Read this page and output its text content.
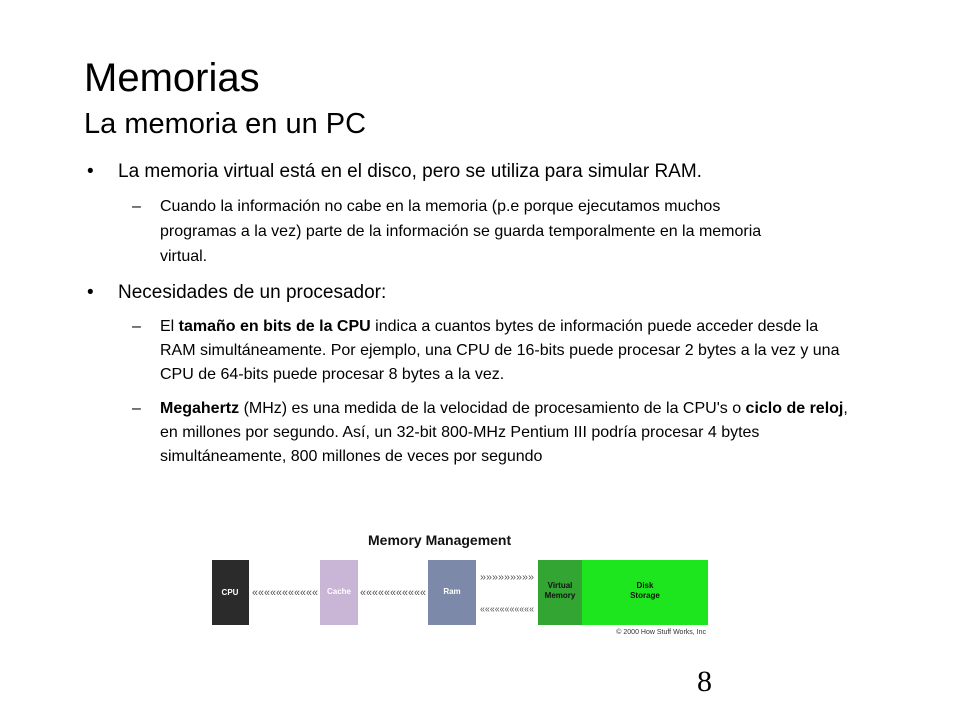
Memorias
La memoria en un PC
• La memoria virtual está en el disco, pero se utiliza para simular RAM.
– Cuando la información no cabe en la memoria (p.e porque ejecutamos muchos programas a la vez) parte de la información se guarda temporalmente en la memoria virtual.
• Necesidades de un procesador:
– El tamaño en bits de la CPU indica a cuantos bytes de información puede acceder desde la RAM simultáneamente. Por ejemplo, una CPU de 16-bits puede procesar 2 bytes a la vez y una CPU de 64-bits puede procesar 8 bytes a la vez.
– Megahertz (MHz) es una medida de la velocidad de procesamiento de la CPU's o ciclo de reloj, en millones por segundo. Así, un 32-bit 800-MHz Pentium III podría procesar 4 bytes simultáneamente, 800 millones de veces por segundo
Memory Management
CPU ««««««««««« Cache ««««««««««« Ram
»»»»»»»»»
«««««««««««
Virtual
Memory
Disk
Storage
© 2000 How Stuff Works, Inc
8
